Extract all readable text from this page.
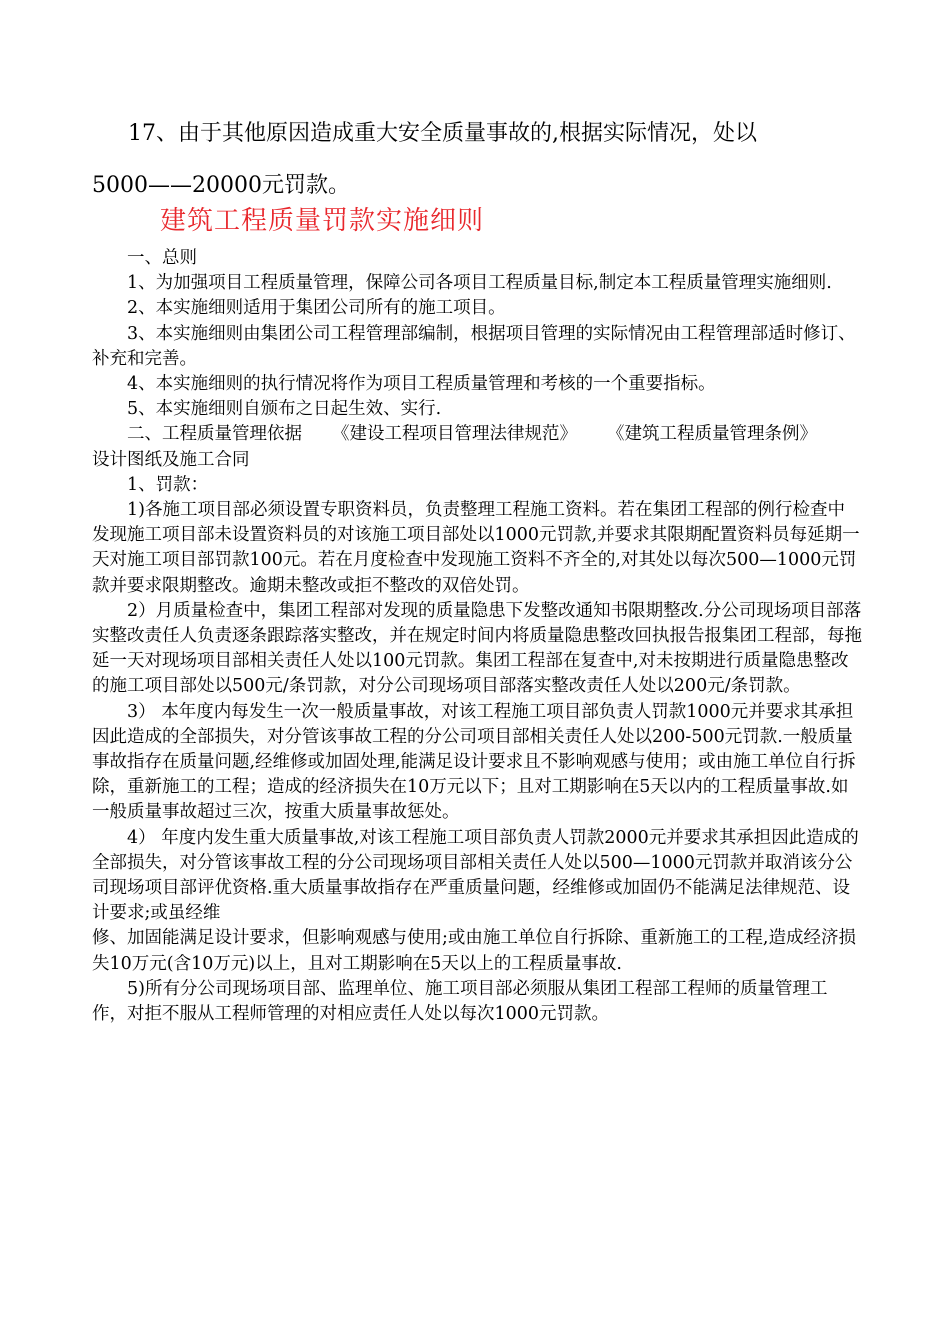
17、由于其他原因造成重大安全质量事故的,根据实际情况，处以
5000——20000元罚款。
建筑工程质量罚款实施细则

一、总则

1、为加强项目工程质量管理，保障公司各项目工程质量目标,制定本工程质量管理实施细则.

2、本实施细则适用于集团公司所有的施工项目。

3、本实施细则由集团公司工程管理部编制，根据项目管理的实际情况由工程管理部适时修订、补充和完善。

4、本实施细则的执行情况将作为项目工程质量管理和考核的一个重要指标。

5、本实施细则自颁布之日起生效、实行.

二、工程质量管理依据 《建设工程项目管理法律规范》 《建筑工程质量管理条例》设计图纸及施工合同

1、罚款：

1)各施工项目部必须设置专职资料员，负责整理工程施工资料。若在集团工程部的例行检查中发现施工项目部未设置资料员的对该施工项目部处以1000元罚款,并要求其限期配置资料员每延期一天对施工项目部罚款100元。若在月度检查中发现施工资料不齐全的,对其处以每次500—1000元罚款并要求限期整改。逾期未整改或拒不整改的双倍处罚。

2）月质量检查中，集团工程部对发现的质量隐患下发整改通知书限期整改.分公司现场项目部落实整改责任人负责逐条跟踪落实整改，并在规定时间内将质量隐患整改回执报告报集团工程部，每拖延一天对现场项目部相关责任人处以100元罚款。集团工程部在复查中,对未按期进行质量隐患整改的施工项目部处以500元/条罚款，对分公司现场项目部落实整改责任人处以200元/条罚款。

3） 本年度内每发生一次一般质量事故，对该工程施工项目部负责人罚款1000元并要求其承担因此造成的全部损失，对分管该事故工程的分公司项目部相关责任人处以200-500元罚款.一般质量事故指存在质量问题,经维修或加固处理,能满足设计要求且不影响观感与使用；或由施工单位自行拆除，重新施工的工程；造成的经济损失在10万元以下；且对工期影响在5天以内的工程质量事故.如一般质量事故超过三次，按重大质量事故惩处。

4） 年度内发生重大质量事故,对该工程施工项目部负责人罚款2000元并要求其承担因此造成的全部损失，对分管该事故工程的分公司现场项目部相关责任人处以500—1000元罚款并取消该分公司现场项目部评优资格.重大质量事故指存在严重质量问题，经维修或加固仍不能满足法律规范、设计要求;或虽经维

修、加固能满足设计要求，但影响观感与使用;或由施工单位自行拆除、重新施工的工程,造成经济损失10万元(含10万元)以上，且对工期影响在5天以上的工程质量事故.

5)所有分公司现场项目部、监理单位、施工项目部必须服从集团工程部工程师的质量管理工作，对拒不服从工程师管理的对相应责任人处以每次1000元罚款。
